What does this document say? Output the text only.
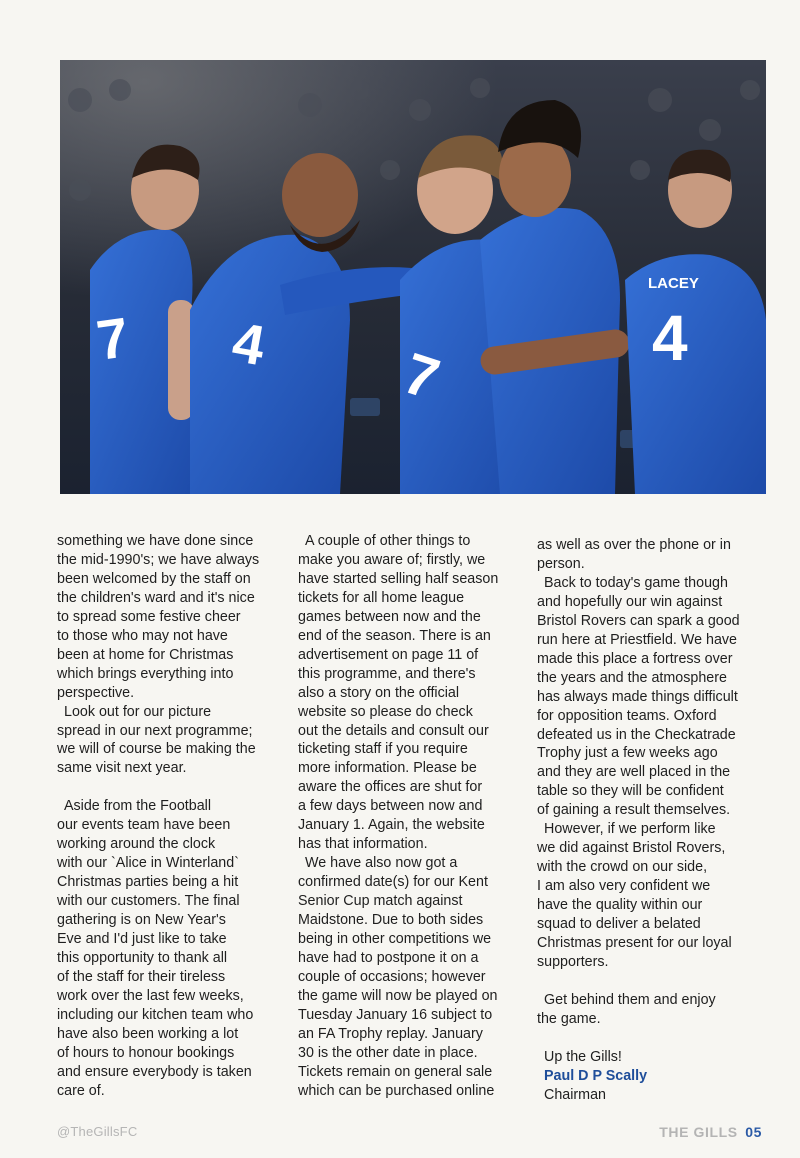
7 4 7
LACEY
4

something we have done since

the mid-1990's; we have always

been welcomed by the staff on

the children's ward and it's nice

to spread some festive cheer

to those who may not have

been at home for Christmas

which brings everything into

perspective.

Look out for our picture

spread in our next programme;

we will of course be making the

same visit next year.

Aside from the Football

our events team have been

working around the clock

with our `Alice in Winterland`

Christmas parties being a hit

with our customers. The final

gathering is on New Year's

Eve and I'd just like to take

this opportunity to thank all

of the staff for their tireless

work over the last few weeks,

including our kitchen team who

have also been working a lot

of hours to honour bookings

and ensure everybody is taken

care of.

A couple of other things to

make you aware of; firstly, we

have started selling half season

tickets for all home league

games between now and the

end of the season. There is an

advertisement on page 11 of

this programme, and there's

also a story on the official

website so please do check

out the details and consult our

ticketing staff if you require

more information. Please be

aware the offices are shut for

a few days between now and

January 1. Again, the website

has that information.

We have also now got a

confirmed date(s) for our Kent

Senior Cup match against

Maidstone. Due to both sides

being in other competitions we

have had to postpone it on a

couple of occasions; however

the game will now be played on

Tuesday January 16 subject to

an FA Trophy replay. January

30 is the other date in place.

Tickets remain on general sale

which can be purchased online

as well as over the phone or in

person.

Back to today's game though

and hopefully our win against

Bristol Rovers can spark a good

run here at Priestfield. We have

made this place a fortress over

the years and the atmosphere

has always made things difficult

for opposition teams. Oxford

defeated us in the Checkatrade

Trophy just a few weeks ago

and they are well placed in the

table so they will be confident

of gaining a result themselves.

However, if we perform like

we did against Bristol Rovers,

with the crowd on our side,

I am also very confident we

have the quality within our

squad to deliver a belated

Christmas present for our loyal

supporters.

Get behind them and enjoy

the game.

Up the Gills!

Paul D P Scally

Chairman

@TheGillsFC	THE GILLS 05
